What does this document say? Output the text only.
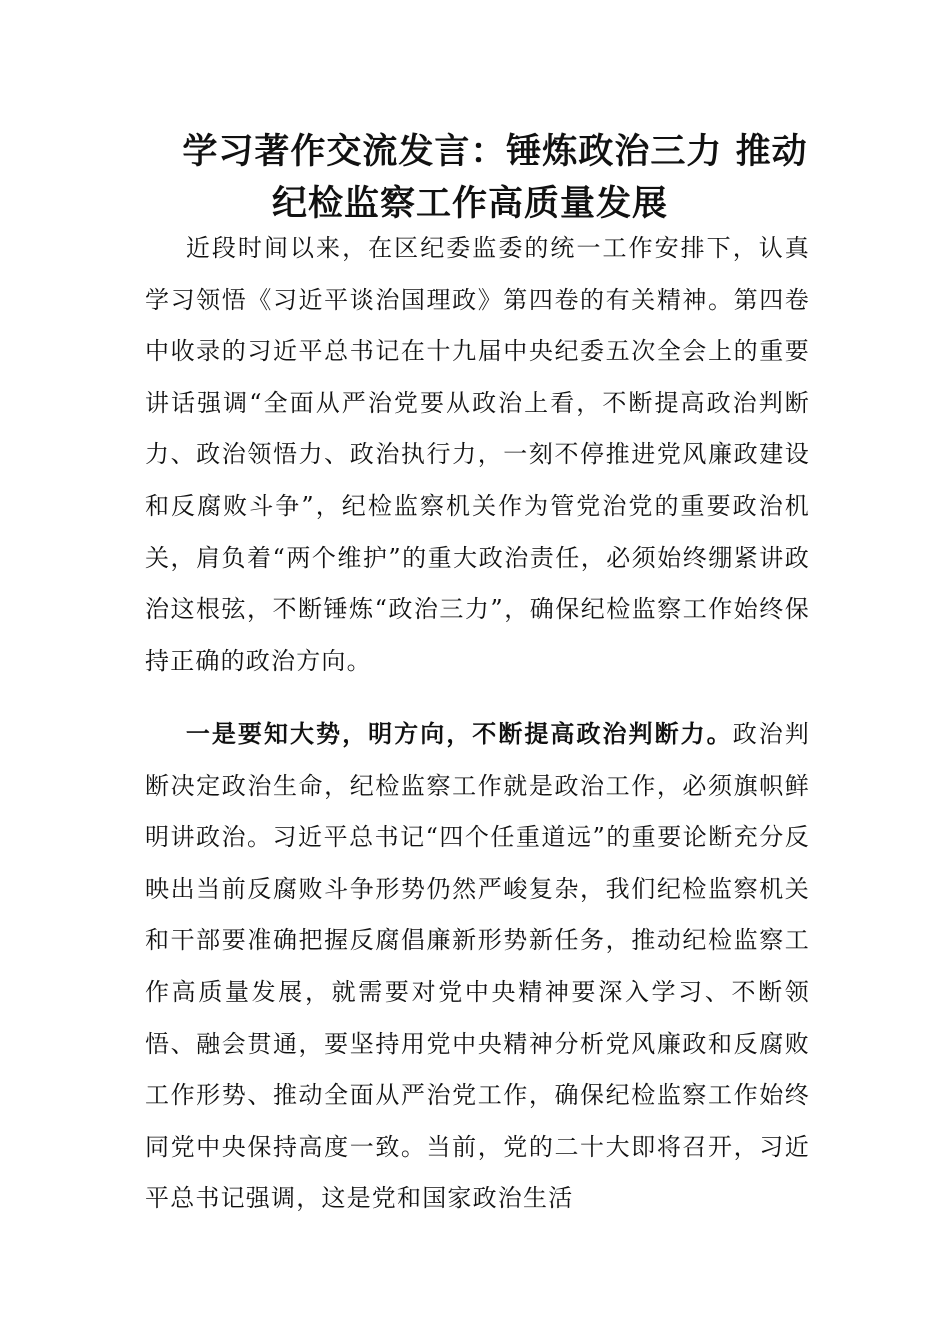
学习著作交流发言：锤炼政治三力 推动
纪检监察工作高质量发展

近段时间以来，在区纪委监委的统一工作安排下，认真学习领悟《习近平谈治国理政》第四卷的有关精神。第四卷中收录的习近平总书记在十九届中央纪委五次全会上的重要讲话强调“全面从严治党要从政治上看，不断提高政治判断力、政治领悟力、政治执行力，一刻不停推进党风廉政建设和反腐败斗争”，纪检监察机关作为管党治党的重要政治机关，肩负着“两个维护”的重大政治责任，必须始终绷紧讲政治这根弦，不断锤炼“政治三力”，确保纪检监察工作始终保持正确的政治方向。

一是要知大势，明方向，不断提高政治判断力。政治判断决定政治生命，纪检监察工作就是政治工作，必须旗帜鲜明讲政治。习近平总书记“四个任重道远”的重要论断充分反映出当前反腐败斗争形势仍然严峻复杂，我们纪检监察机关和干部要准确把握反腐倡廉新形势新任务，推动纪检监察工作高质量发展，就需要对党中央精神要深入学习、不断领悟、融会贯通，要坚持用党中央精神分析党风廉政和反腐败工作形势、推动全面从严治党工作，确保纪检监察工作始终同党中央保持高度一致。当前，党的二十大即将召开，习近平总书记强调，这是党和国家政治生活
